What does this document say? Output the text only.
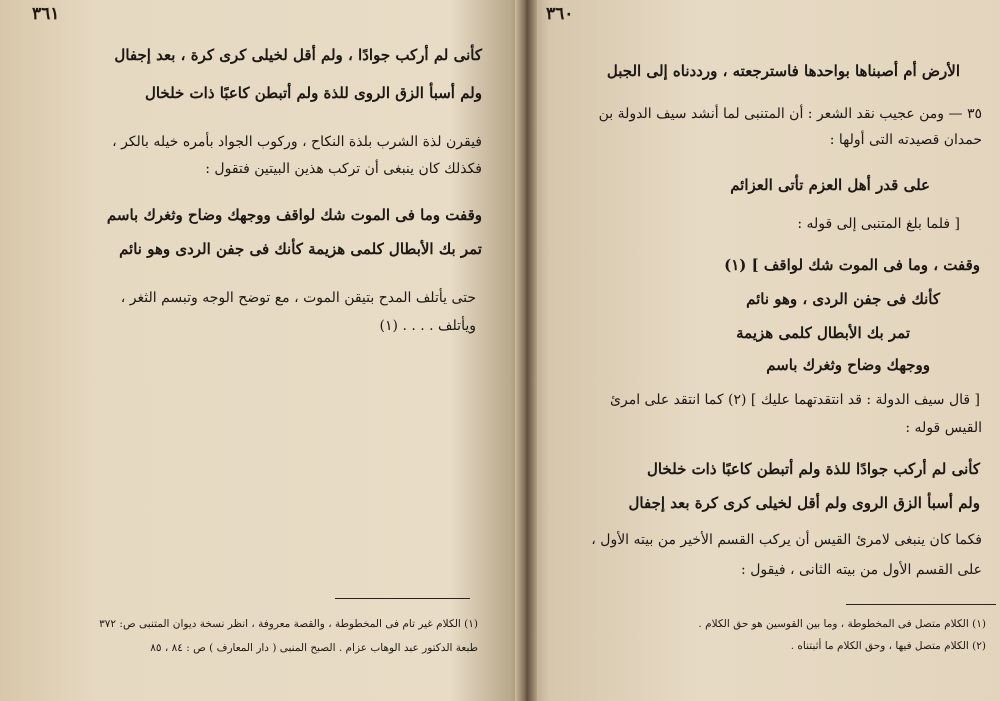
٣٦١
كأنى لم أركب جوادًا ، ولم أقل لخيلى كرى كرة ، بعد إجفال
ولم أسبأ الزق الروى للذة ولم أتبطن كاعبًا ذات خلخال
فيقرن لذة الشرب بلذة النكاح ، وركوب الجواد بأمره خيله بالكر ،
فكذلك كان ينبغى أن تركب هذين البيتين فتقول :
وقفت وما فى الموت شك لواقف ووجهك وضاح وثغرك باسم
تمر بك الأبطال كلمى هزيمة كأنك فى جفن الردى وهو نائم
حتى يأتلف المدح بتيقن الموت ، مع توضح الوجه وتبسم الثغر ،
ويأتلف . . . . (١)
(١) الكلام غير تام فى المخطوطة ، والقصة معروفة ، انظر نسخة ديوان المتنبى ص: ٣٧٢
طبعة الدكتور عبد الوهاب عزام . الصبح المنبى ( دار المعارف ) ص : ٨٤ ، ٨٥
٣٦٠
الأرض أم أصبناها بواحدها فاسترجعته ، ورددناه إلى الجبل
٣٥ — ومن عجيب نقد الشعر : أن المتنبى لما أنشد سيف الدولة بن
حمدان قصيدته التى أولها :
على قدر أهل العزم تأتى العزائم
[ فلما بلغ المتنبى إلى قوله :
وقفت ، وما فى الموت شك لواقف ] (١)
كأنك فى جفن الردى ، وهو نائم
تمر بك الأبطال كلمى هزيمة
ووجهك وضاح وثغرك باسم
[ قال سيف الدولة : قد انتقدتهما عليك ] (٢) كما انتقد على امرئ
القيس قوله :
كأنى لم أركب جوادًا للذة ولم أتبطن كاعبًا ذات خلخال
ولم أسبأ الزق الروى ولم أقل لخيلى كرى كرة بعد إجفال
فكما كان ينبغى لامرئ القيس أن يركب القسم الأخير من بيته الأول ،
على القسم الأول من بيته الثانى ، فيقول :
(١) الكلام متصل فى المخطوطة ، وما بين القوسين هو حق الكلام .
(٢) الكلام متصل فيها ، وحق الكلام ما أثبتناه .
